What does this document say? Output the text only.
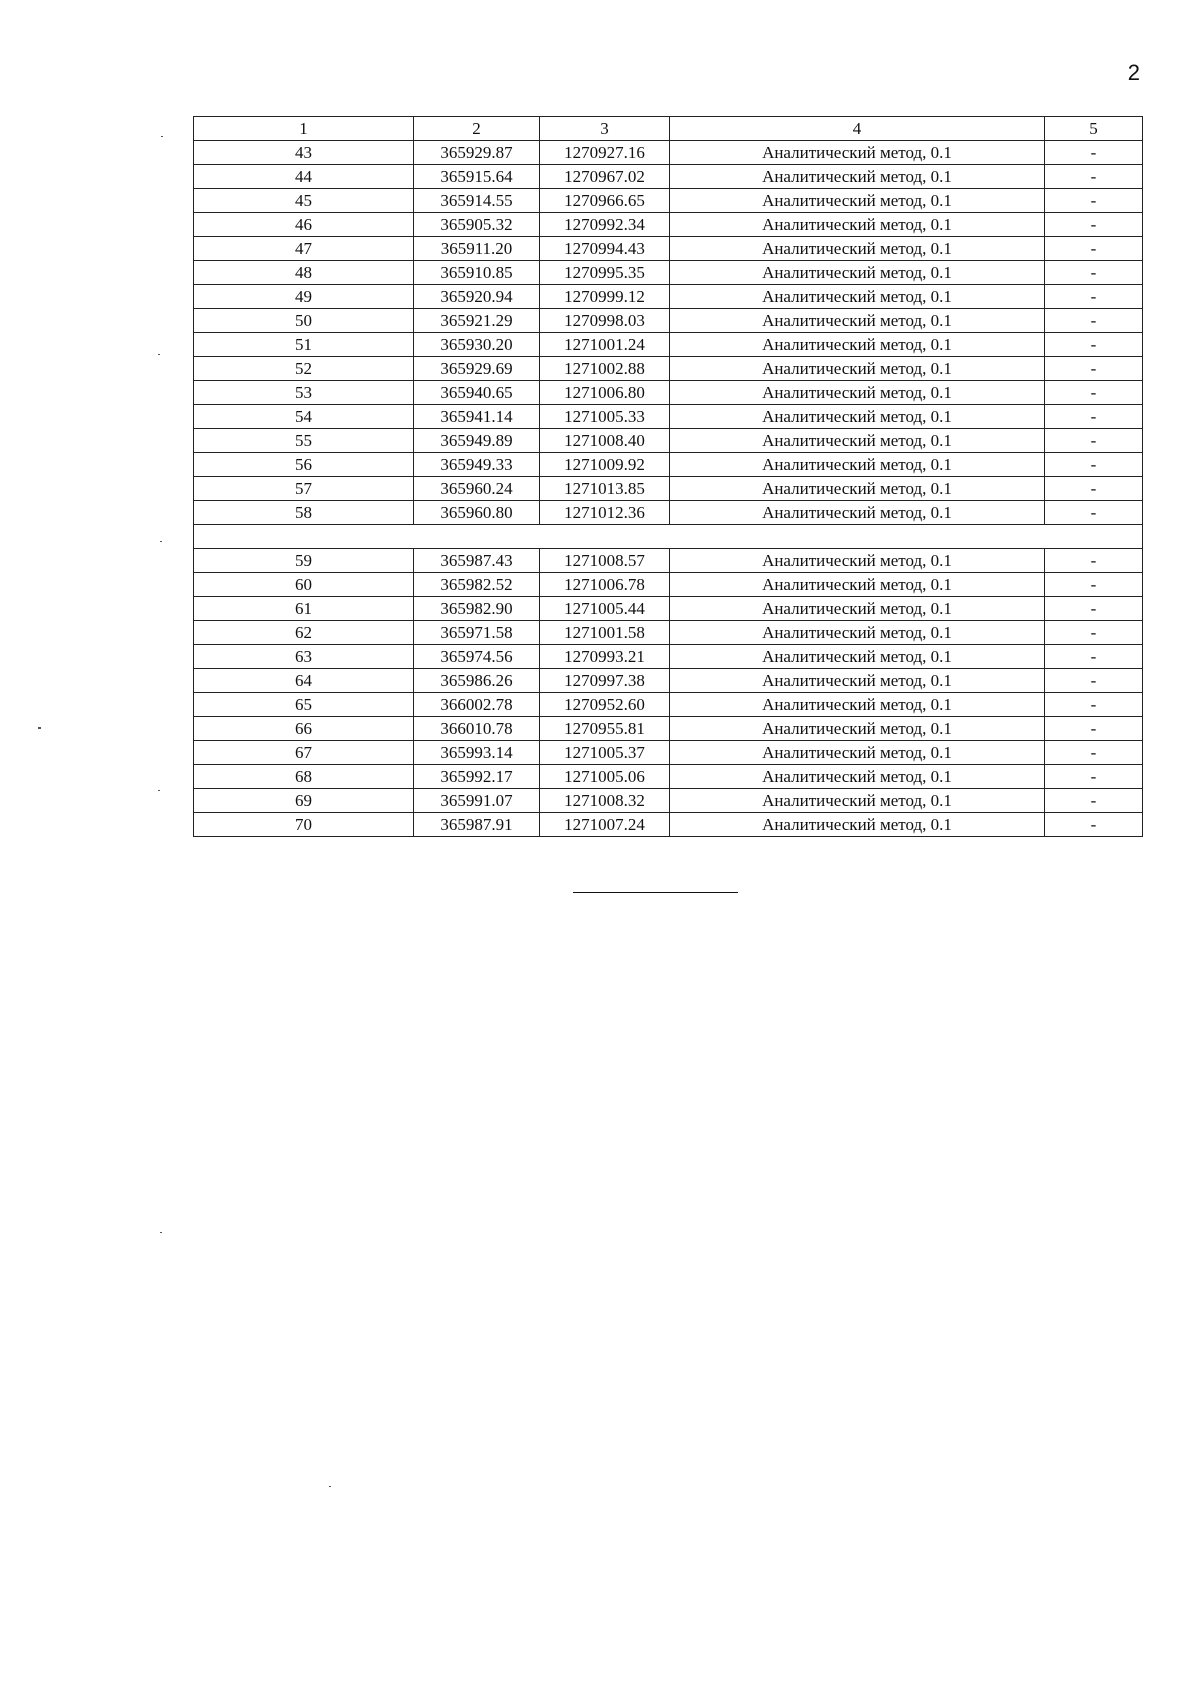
2
1	2	3	4	5
43	365929.87	1270927.16	Аналитический метод, 0.1	-
44	365915.64	1270967.02	Аналитический метод, 0.1	-
45	365914.55	1270966.65	Аналитический метод, 0.1	-
46	365905.32	1270992.34	Аналитический метод, 0.1	-
47	365911.20	1270994.43	Аналитический метод, 0.1	-
48	365910.85	1270995.35	Аналитический метод, 0.1	-
49	365920.94	1270999.12	Аналитический метод, 0.1	-
50	365921.29	1270998.03	Аналитический метод, 0.1	-
51	365930.20	1271001.24	Аналитический метод, 0.1	-
52	365929.69	1271002.88	Аналитический метод, 0.1	-
53	365940.65	1271006.80	Аналитический метод, 0.1	-
54	365941.14	1271005.33	Аналитический метод, 0.1	-
55	365949.89	1271008.40	Аналитический метод, 0.1	-
56	365949.33	1271009.92	Аналитический метод, 0.1	-
57	365960.24	1271013.85	Аналитический метод, 0.1	-
58	365960.80	1271012.36	Аналитический метод, 0.1	-

59	365987.43	1271008.57	Аналитический метод, 0.1	-
60	365982.52	1271006.78	Аналитический метод, 0.1	-
61	365982.90	1271005.44	Аналитический метод, 0.1	-
62	365971.58	1271001.58	Аналитический метод, 0.1	-
63	365974.56	1270993.21	Аналитический метод, 0.1	-
64	365986.26	1270997.38	Аналитический метод, 0.1	-
65	366002.78	1270952.60	Аналитический метод, 0.1	-
66	366010.78	1270955.81	Аналитический метод, 0.1	-
67	365993.14	1271005.37	Аналитический метод, 0.1	-
68	365992.17	1271005.06	Аналитический метод, 0.1	-
69	365991.07	1271008.32	Аналитический метод, 0.1	-
70	365987.91	1271007.24	Аналитический метод, 0.1	-
